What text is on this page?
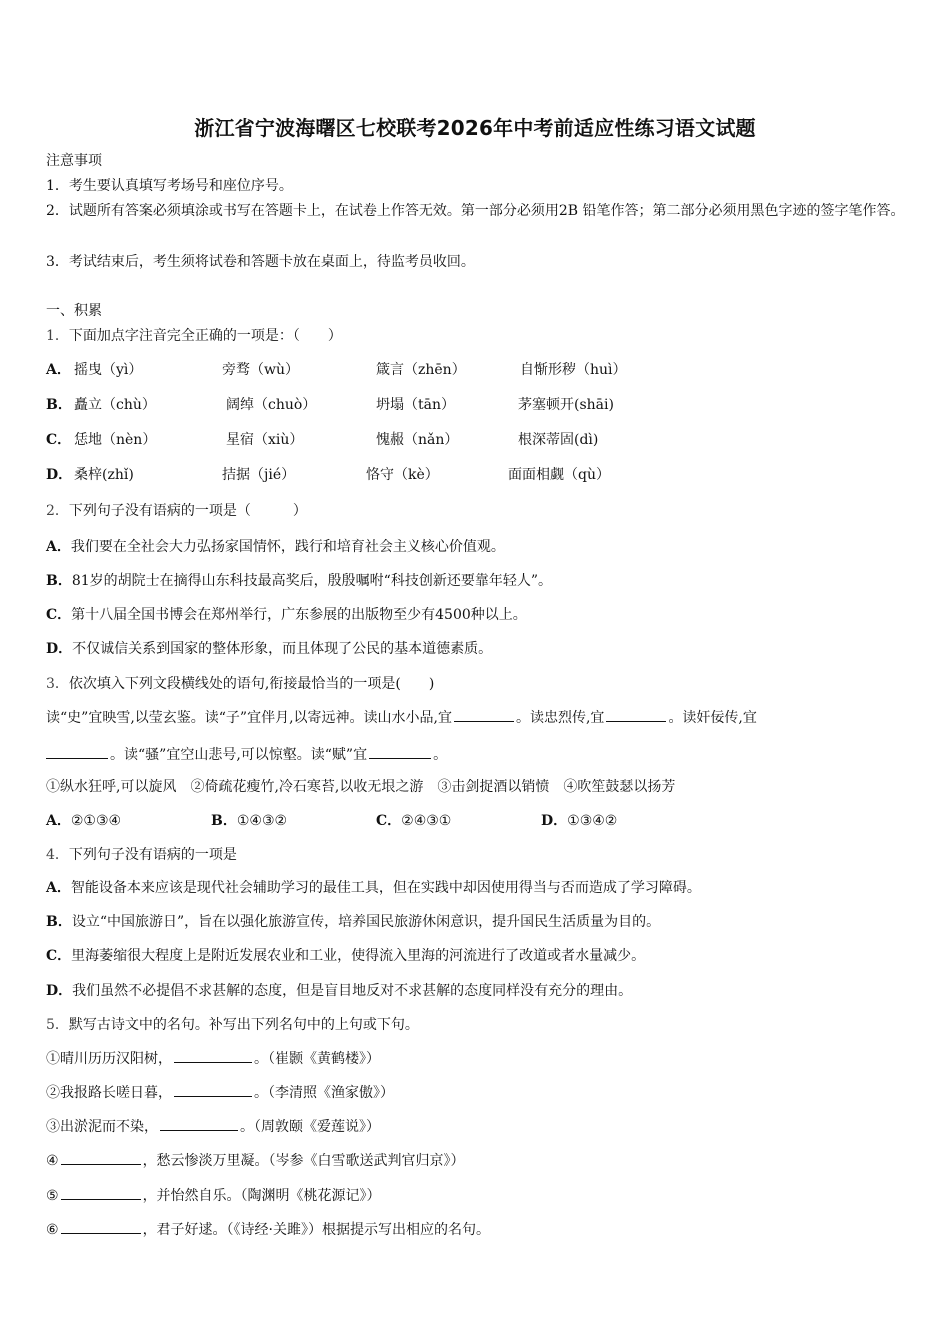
浙江省宁波海曙区七校联考2026年中考前适应性练习语文试题
注意事项
1．考生要认真填写考场号和座位序号。
2．试题所有答案必须填涂或书写在答题卡上，在试卷上作答无效。第一部分必须用2B 铅笔作答；第二部分必须用黑色字迹的签字笔作答。
3．考试结束后，考生须将试卷和答题卡放在桌面上，待监考员收回。
一、积累
1．下面加点字注音完全正确的一项是：（　　）
A． 摇曳（yì）	旁骛（wù）	箴言（zhēn）	自惭形秽（huì）
B． 矗立（chù）	阔绰（chuò）	坍塌（tān）	茅塞顿开(shāi)
C． 恁地（nèn）	星宿（xiù）	愧赧（nǎn）	根深蒂固(dì)
D． 桑梓(zhǐ)	拮据（jié）	恪守（kè）	面面相觑（qù）
2．下列句子没有语病的一项是（　　　）
A．我们要在全社会大力弘扬家国情怀，践行和培育社会主义核心价值观。
B．81岁的胡院士在摘得山东科技最高奖后，殷殷嘱咐“科技创新还要靠年轻人”。
C．第十八届全国书博会在郑州举行，广东参展的出版物至少有4500种以上。
D．不仅诚信关系到国家的整体形象，而且体现了公民的基本道德素质。
3．依次填入下列文段横线处的语句,衔接最恰当的一项是(　　)
读“史”宜映雪,以莹玄鉴。读“子”宜伴月,以寄远神。读山水小品,宜	。读忠烈传,宜	。读奸佞传,宜
。读“骚”宜空山悲号,可以惊壑。读“赋”宜	。
①纵水狂呼,可以旋风　②倚疏花瘦竹,冷石寒苔,以收无垠之游　③击剑捉酒以销愤　④吹笙鼓瑟以扬芳
A．②①③④	B．①④③②	C．②④③①	D．①③④②
4．下列句子没有语病的一项是
A．智能设备本来应该是现代社会辅助学习的最佳工具，但在实践中却因使用得当与否而造成了学习障碍。
B．设立“中国旅游日”，旨在以强化旅游宣传，培养国民旅游休闲意识，提升国民生活质量为目的。
C．里海萎缩很大程度上是附近发展农业和工业，使得流入里海的河流进行了改道或者水量减少。
D．我们虽然不必提倡不求甚解的态度，但是盲目地反对不求甚解的态度同样没有充分的理由。
5．默写古诗文中的名句。补写出下列名句中的上句或下句。
①晴川历历汉阳树，	。（崔颢《黄鹤楼》）
②我报路长嗟日暮，	。（李清照《渔家傲》）
③出淤泥而不染，	。（周敦颐《爱莲说》）
④	，愁云惨淡万里凝。（岑参《白雪歌送武判官归京》）
⑤	，并怡然自乐。（陶渊明《桃花源记》）
⑥	，君子好逑。（《诗经·关雎》）根据提示写出相应的名句。
